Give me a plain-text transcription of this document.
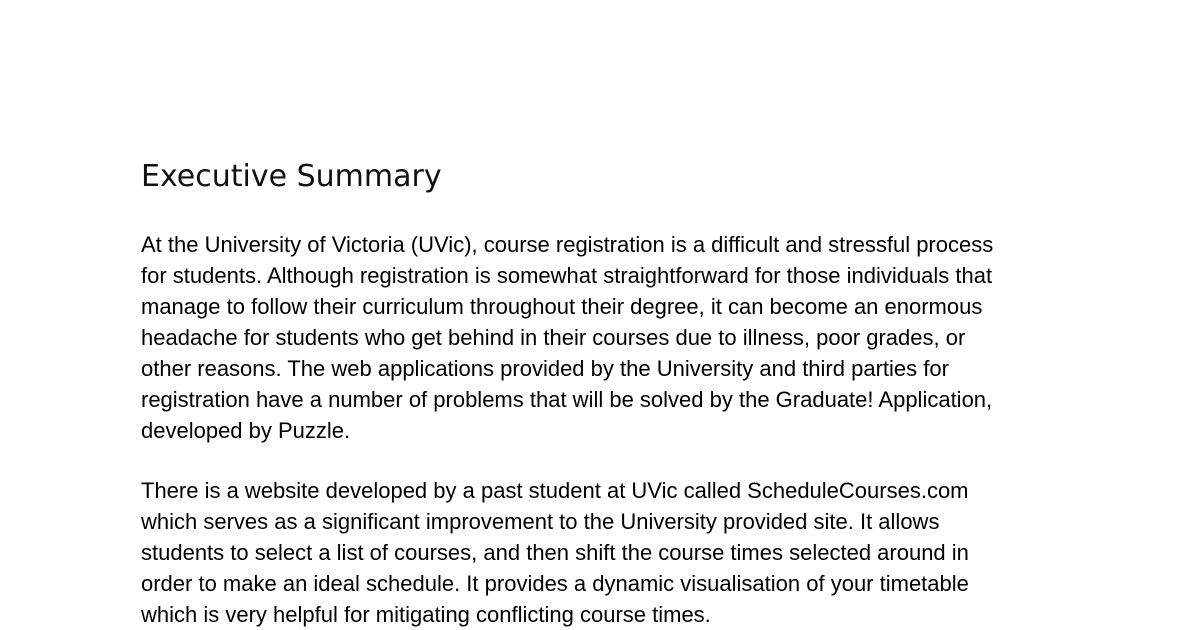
Executive Summary

At the University of Victoria (UVic), course registration is a difficult and stressful process
for students. Although registration is somewhat straightforward for those individuals that
manage to follow their curriculum throughout their degree, it can become an enormous
headache for students who get behind in their courses due to illness, poor grades, or
other reasons. The web applications provided by the University and third parties for
registration have a number of problems that will be solved by the Graduate! Application,
developed by Puzzle.

There is a website developed by a past student at UVic called ScheduleCourses.com
which serves as a significant improvement to the University provided site. It allows
students to select a list of courses, and then shift the course times selected around in
order to make an ideal schedule. It provides a dynamic visualisation of your timetable
which is very helpful for mitigating conflicting course times.
